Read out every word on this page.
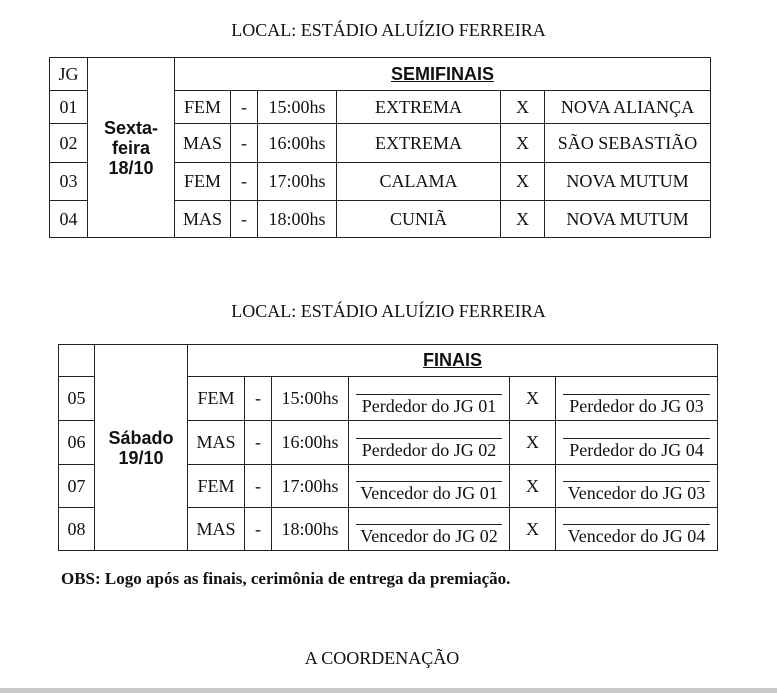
LOCAL: ESTÁDIO ALUÍZIO FERREIRA
JG	Sexta-feira 18/10	SEMIFINAIS					
01		FEM	-	15:00hs	EXTREMA	X	NOVA ALIANÇA
02		MAS	-	16:00hs	EXTREMA	X	SÃO SEBASTIÃO
03		FEM	-	17:00hs	CALAMA	X	NOVA MUTUM
04		MAS	-	18:00hs	CUNIÃ	X	NOVA MUTUM
LOCAL: ESTÁDIO ALUÍZIO FERREIRA
	Sábado 19/10	FINAIS					
05		FEM	-	15:00hs	Perdedor do JG 01	X	Perdedor do JG 03

06		MAS	-	16:00hs	Perdedor do JG 02	X	Perdedor do JG 04

07		FEM	-	17:00hs	Vencedor do JG 01	X	Vencedor do JG 03

08		MAS	-	18:00hs	Vencedor do JG 02	X	Vencedor do JG 04
OBS: Logo após as finais, cerimônia de entrega da premiação.
A COORDENAÇÃO
